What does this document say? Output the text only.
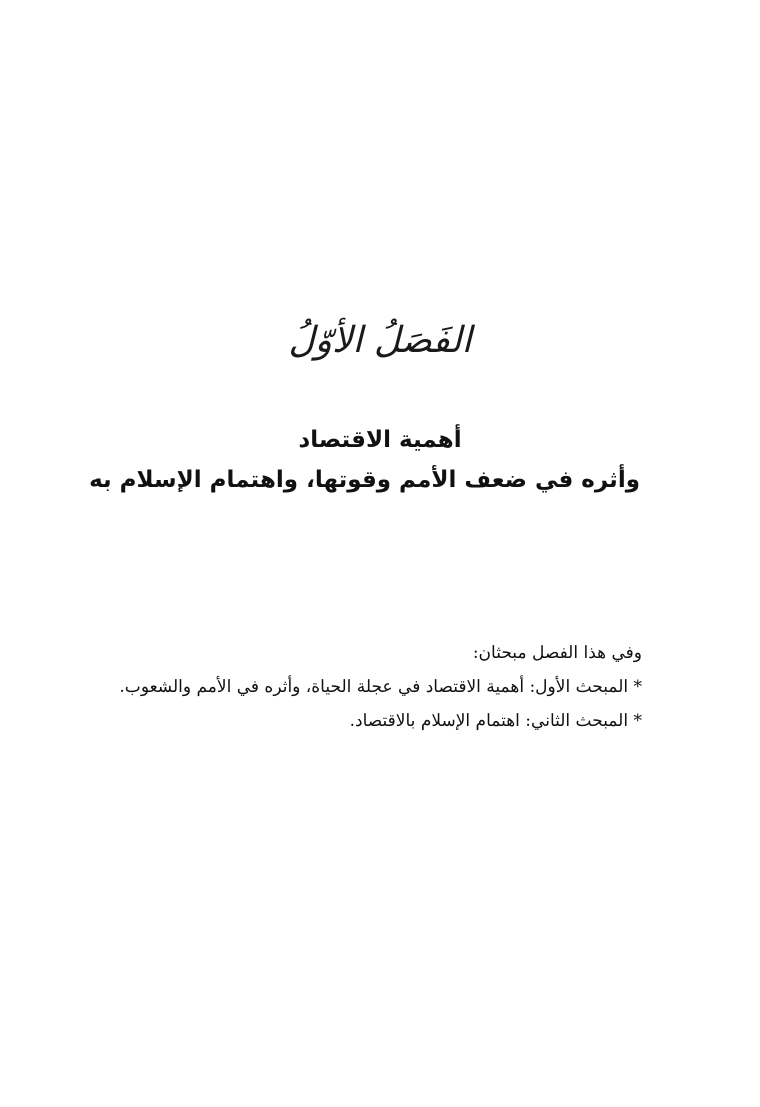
الفَصَلُ الأوّلُ
أهمية الاقتصاد
وأثره في ضعف الأمم وقوتها، واهتمام الإسلام به
وفي هذا الفصل مبحثان:
* المبحث الأول: أهمية الاقتصاد في عجلة الحياة، وأثره في الأمم والشعوب.
* المبحث الثاني: اهتمام الإسلام بالاقتصاد.
